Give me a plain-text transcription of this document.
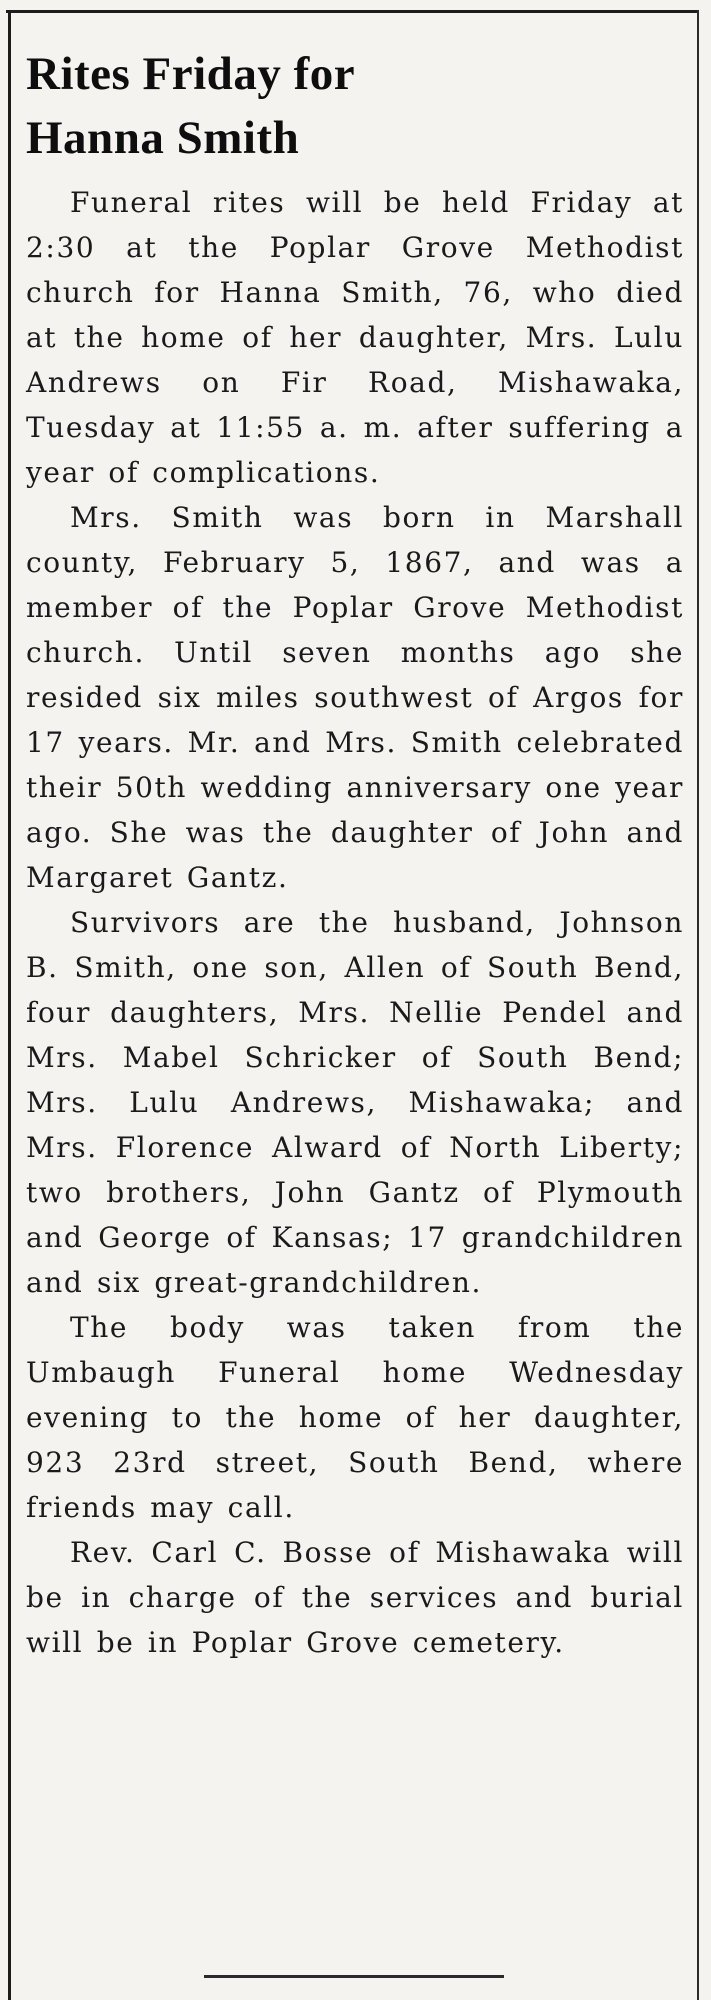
Rites Friday for
Hanna Smith

Funeral rites will be held Friday at 2:30 at the Poplar Grove Methodist church for Hanna Smith, 76, who died at the home of her daughter, Mrs. Lulu Andrews on Fir Road, Mishawaka, Tuesday at 11:55 a. m. after suffering a year of complications.

Mrs. Smith was born in Marshall county, February 5, 1867, and was a member of the Poplar Grove Methodist church. Until seven months ago she resided six miles southwest of Argos for 17 years. Mr. and Mrs. Smith celebrated their 50th wedding anniversary one year ago. She was the daughter of John and Margaret Gantz.

Survivors are the husband, Johnson B. Smith, one son, Allen of South Bend, four daughters, Mrs. Nellie Pendel and Mrs. Mabel Schricker of South Bend; Mrs. Lulu Andrews, Mishawaka; and Mrs. Florence Alward of North Liberty; two brothers, John Gantz of Plymouth and George of Kansas; 17 grandchildren and six great-grandchildren.

The body was taken from the Umbaugh Funeral home Wednesday evening to the home of her daughter, 923 23rd street, South Bend, where friends may call.

Rev. Carl C. Bosse of Mishawaka will be in charge of the services and burial will be in Poplar Grove cemetery.
